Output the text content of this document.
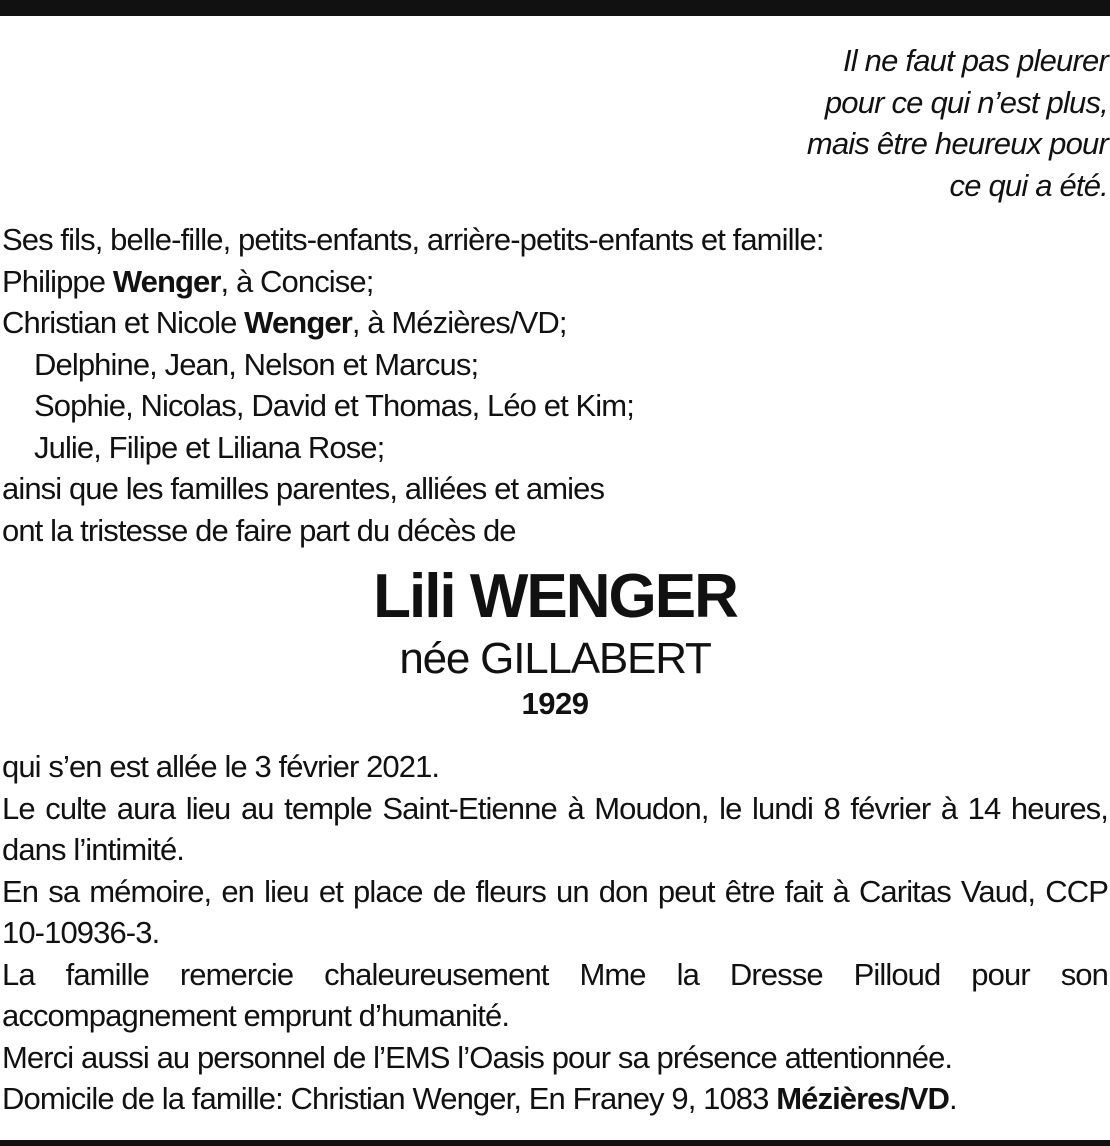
Il ne faut pas pleurer
pour ce qui n’est plus,
mais être heureux pour
ce qui a été.
Ses fils, belle-fille, petits-enfants, arrière-petits-enfants et famille:
Philippe Wenger, à Concise;
Christian et Nicole Wenger, à Mézières/VD;
Delphine, Jean, Nelson et Marcus;
Sophie, Nicolas, David et Thomas, Léo et Kim;
Julie, Filipe et Liliana Rose;
ainsi que les familles parentes, alliées et amies
ont la tristesse de faire part du décès de
Lili WENGER
née GILLABERT
1929

qui s’en est allée le 3 février 2021.

Le culte aura lieu au temple Saint-Etienne à Moudon, le lundi 8 février à 14 heures, dans l’intimité.

En sa mémoire, en lieu et place de fleurs un don peut être fait à Caritas Vaud, CCP 10-10936-3.

La famille remercie chaleureusement Mme la Dresse Pilloud pour son accompagnement emprunt d’humanité.

Merci aussi au personnel de l’EMS l’Oasis pour sa présence attentionnée.

Domicile de la famille: Christian Wenger, En Franey 9, 1083 Mézières/VD.
